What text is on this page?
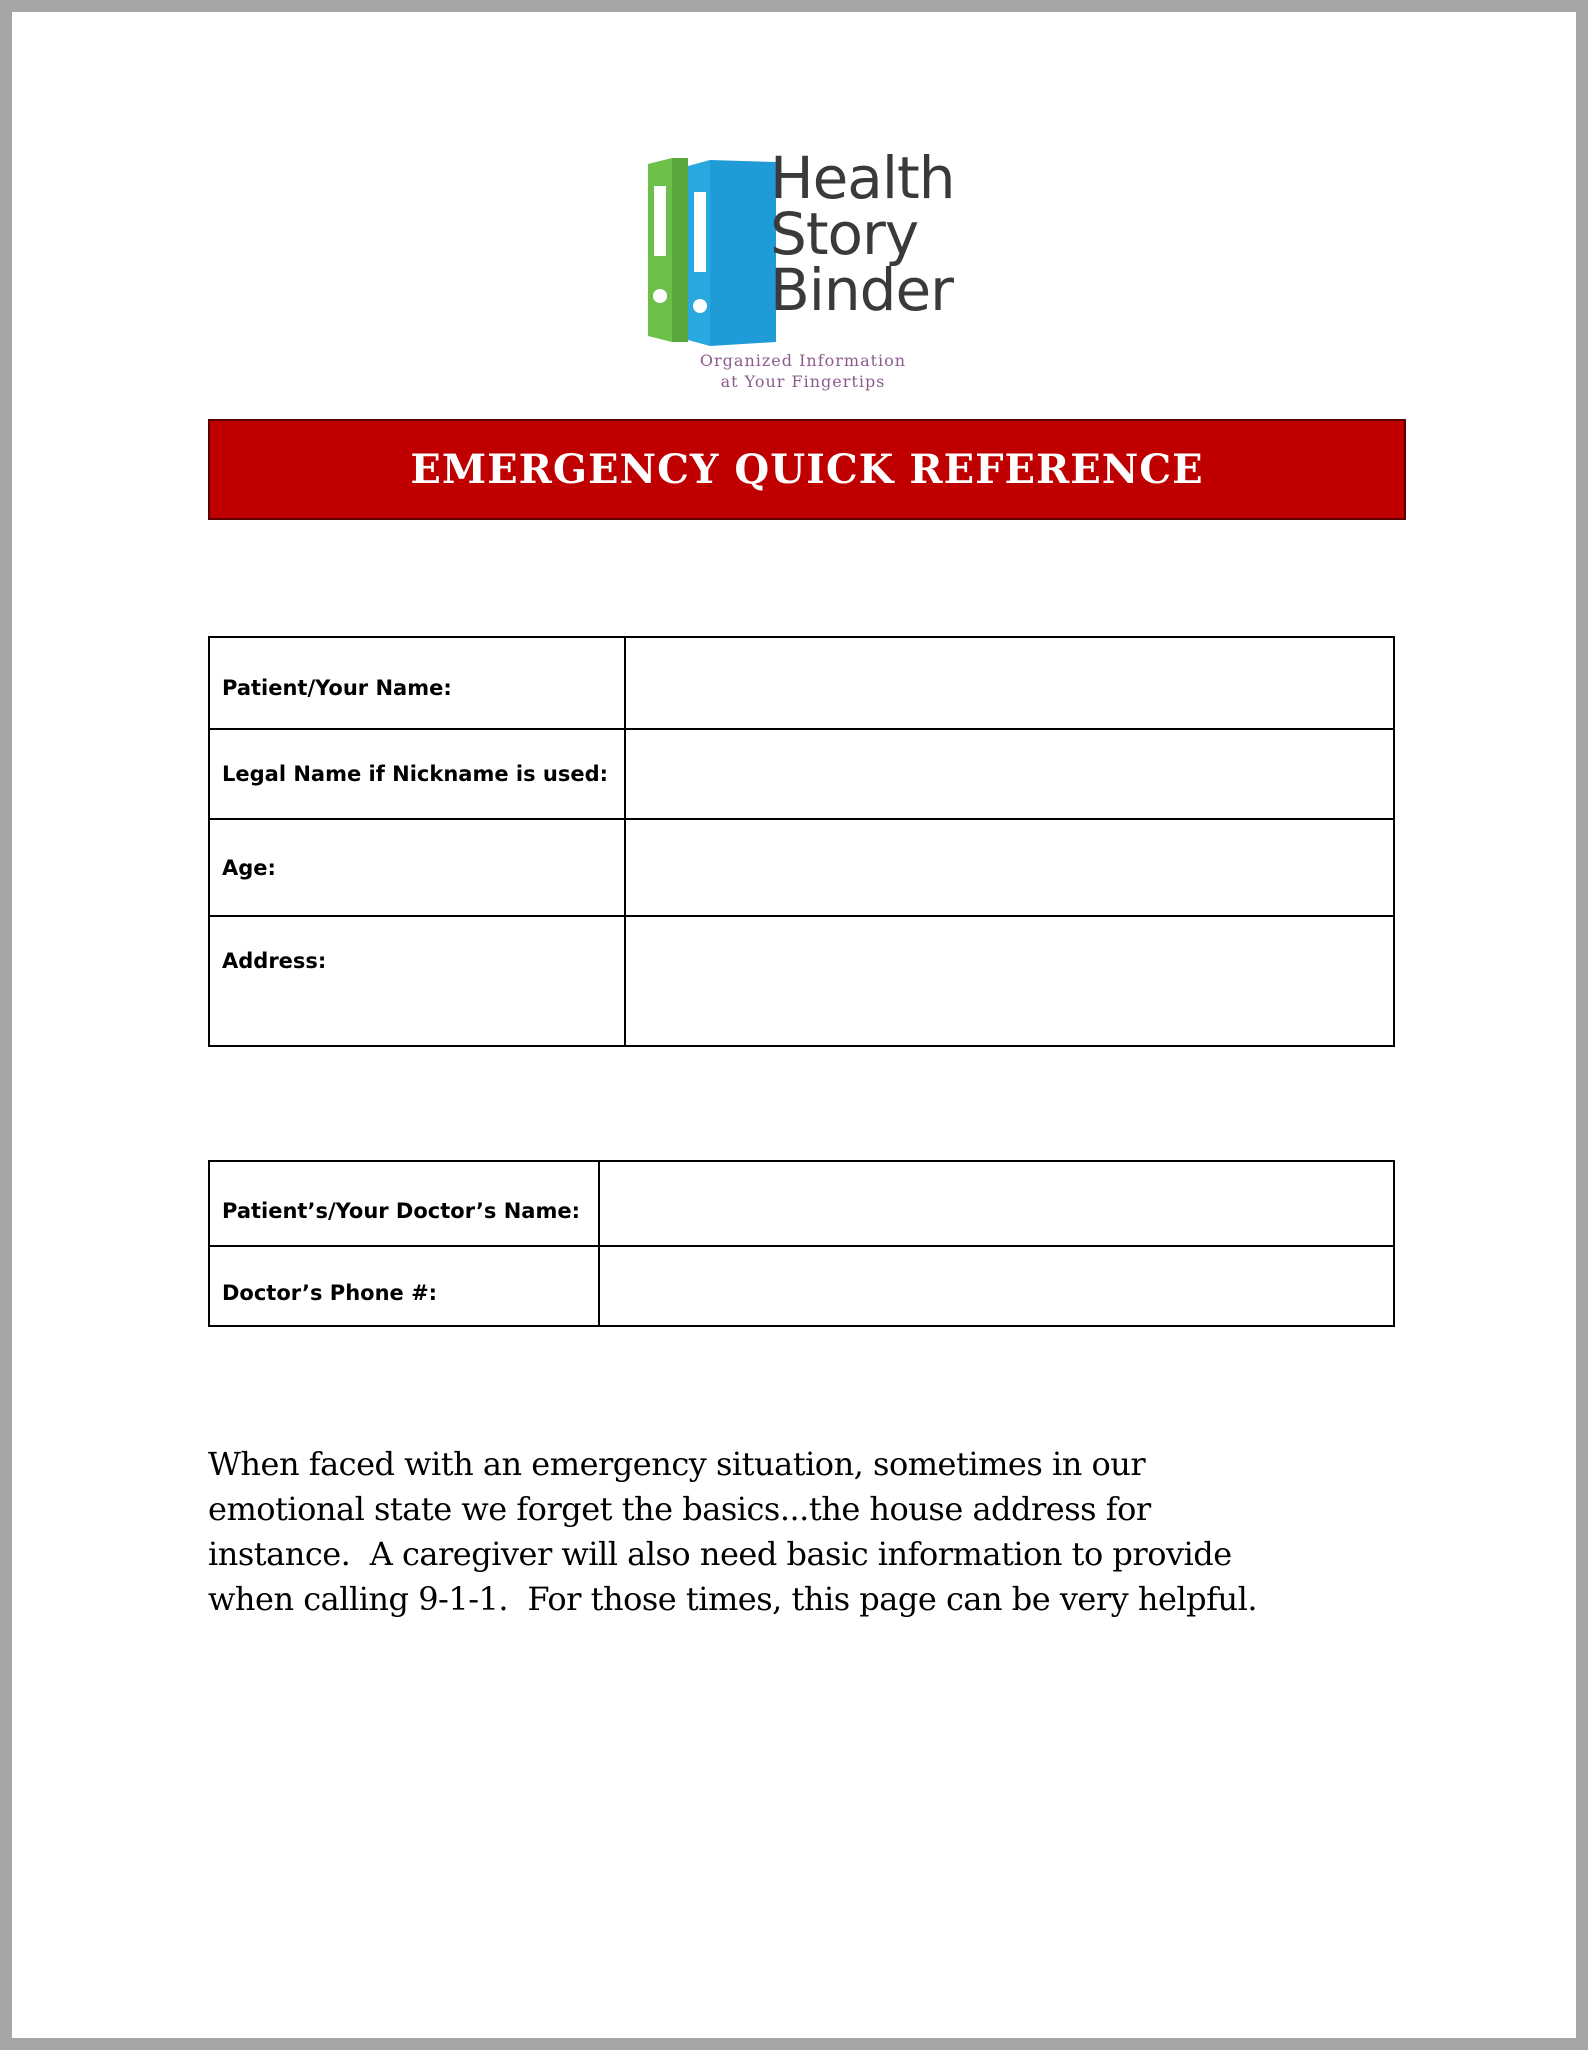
Health
Story
Binder
Organized Information
at Your Fingertips
EMERGENCY QUICK REFERENCE
Patient/Your Name:	
Legal Name if Nickname is used:	
Age:	
Address:	
Patient’s/Your Doctor’s Name:	
Doctor’s Phone #:	
When faced with an emergency situation, sometimes in our
emotional state we forget the basics...the house address for
instance.  A caregiver will also need basic information to provide
when calling 9-1-1.  For those times, this page can be very helpful.
